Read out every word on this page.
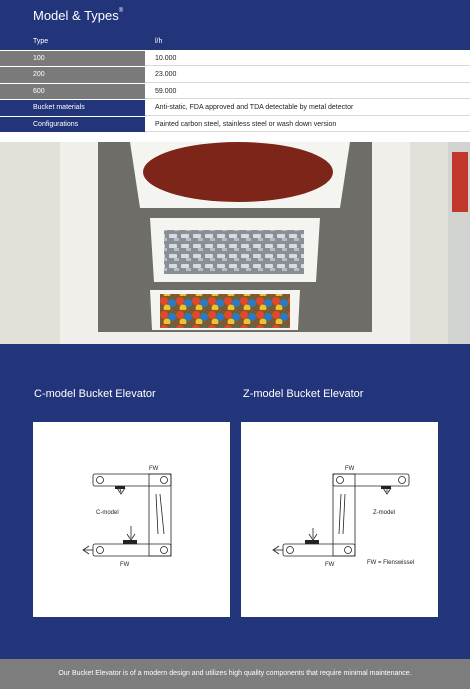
Model & Types®
Type	l/h
100	10.000
200	23.000
600	59.000
Bucket materials	Anti-static, FDA approved and TDA detectable by metal detector
Configurations	Painted carbon steel, stainless steel or wash down version
C-model Bucket Elevator	Z-model Bucket Elevator
FW
C-model
FW
FW
Z-model
FW	FW = Flenswissel
Our Bucket Elevator is of a modern design and utilizes high quality components that require minimal maintenance.
